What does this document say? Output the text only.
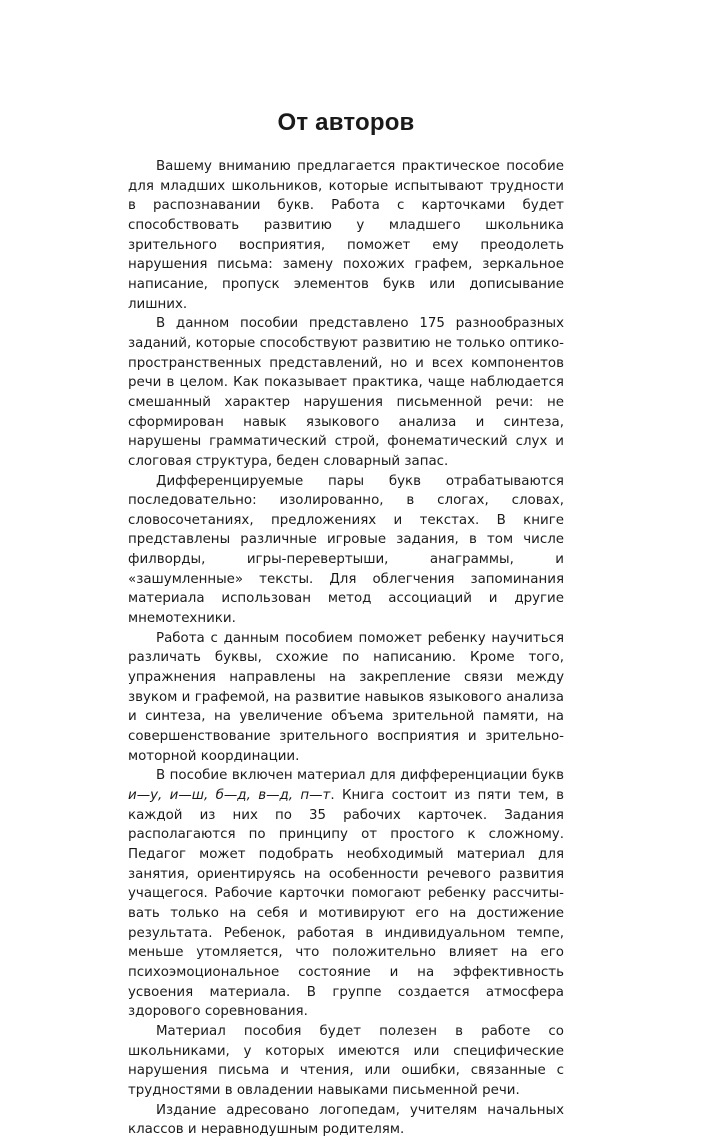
От авторов

Вашему вниманию предлагается практическое пособие для младших школьников, которые испытывают трудности в распознавании букв. Работа с карточками будет способствовать развитию у младшего школьника зрительного восприятия, поможет ему преодолеть нарушения письма: замену похожих графем, зеркальное написание, пропуск элементов букв или дописывание лишних.

В данном пособии представлено 175 разнообразных заданий, которые способствуют развитию не только оптико-пространственных представлений, но и всех компонентов речи в целом. Как показывает практика, чаще наблюдается смешанный характер нарушения письменной речи: не сформирован навык языкового анализа и синтеза, нарушены грамматический строй, фонематический слух и слоговая структура, беден словарный запас.

Дифференцируемые пары букв отрабатываются последовательно: изолированно, в слогах, словах, словосочетаниях, предложениях и текстах. В книге представлены различные игровые задания, в том числе филворды, игры-перевертыши, анаграммы, и «зашумленные» тексты. Для облегчения запоминания материала использован метод ассоциаций и другие мнемотехники.

Работа с данным пособием поможет ребенку научиться различать буквы, схожие по написанию. Кроме того, упражнения направлены на закрепление связи между звуком и графемой, на развитие навыков языкового анализа и синтеза, на увеличение объема зрительной памяти, на совершенствование зрительного восприятия и зрительно-моторной координации.

В пособие включен материал для дифференциации букв и—у, и—ш, б—д, в—д, п—т. Книга состоит из пяти тем, в каждой из них по 35 рабочих карточек. Задания располагаются по принципу от простого к сложному. Педагог может подобрать необходимый материал для занятия, ориентируясь на особенности речевого развития учащегося. Рабочие карточки помогают ребенку рассчитывать только на себя и мотивируют его на достижение результата. Ребенок, работая в индивидуальном темпе, меньше утомляется, что положительно влияет на его психоэмоциональное состояние и на эффективность усвоения материала. В группе создается атмосфера здорового соревнования.

Материал пособия будет полезен в работе со школьниками, у которых имеются или специфические нарушения письма и чтения, или ошибки, связанные с трудностями в овладении навыками письменной речи.

Издание адресовано логопедам, учителям начальных классов и неравнодушным родителям.
